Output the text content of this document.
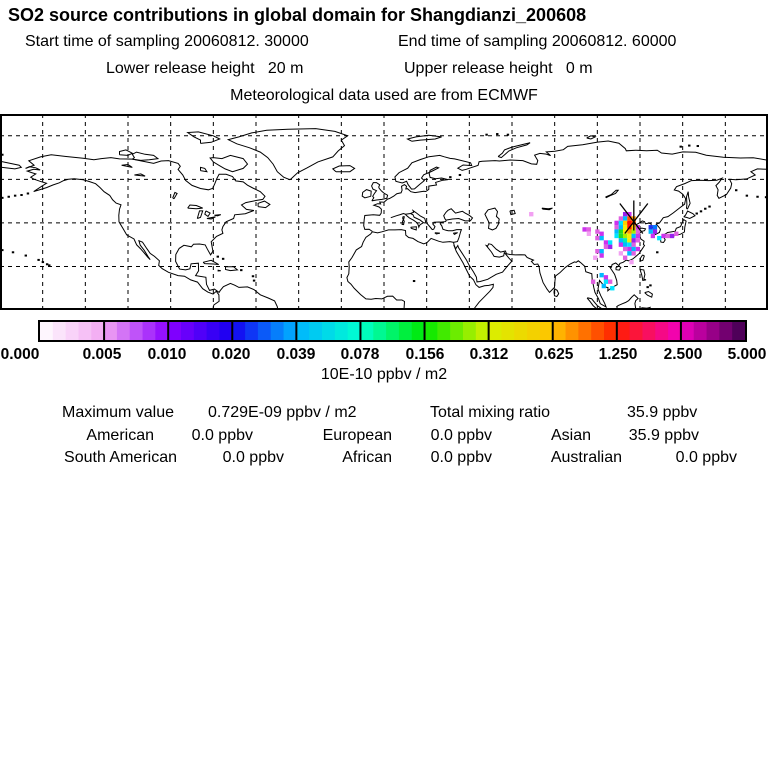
SO2 source contributions in global domain for Shangdianzi_200608
Start time of sampling 20060812. 30000	End time of sampling 20060812. 60000
Lower release height   20 m	Upper release height   0 m
Meteorological data used are from ECMWF
0.000	0.005 0.010 0.020 0.039 0.078 0.156 0.312 0.625 1.250 2.500 5.000
10E-10 ppbv / m2
Maximum value 0.729E-09 ppbv / m2	Total mixing ratio	35.9 ppbv
American 0.0 ppbv	European 0.0 ppbv	Asian 35.9 ppbv
South American	0.0 ppbv	African 0.0 ppbv	Australian	0.0 ppbv
